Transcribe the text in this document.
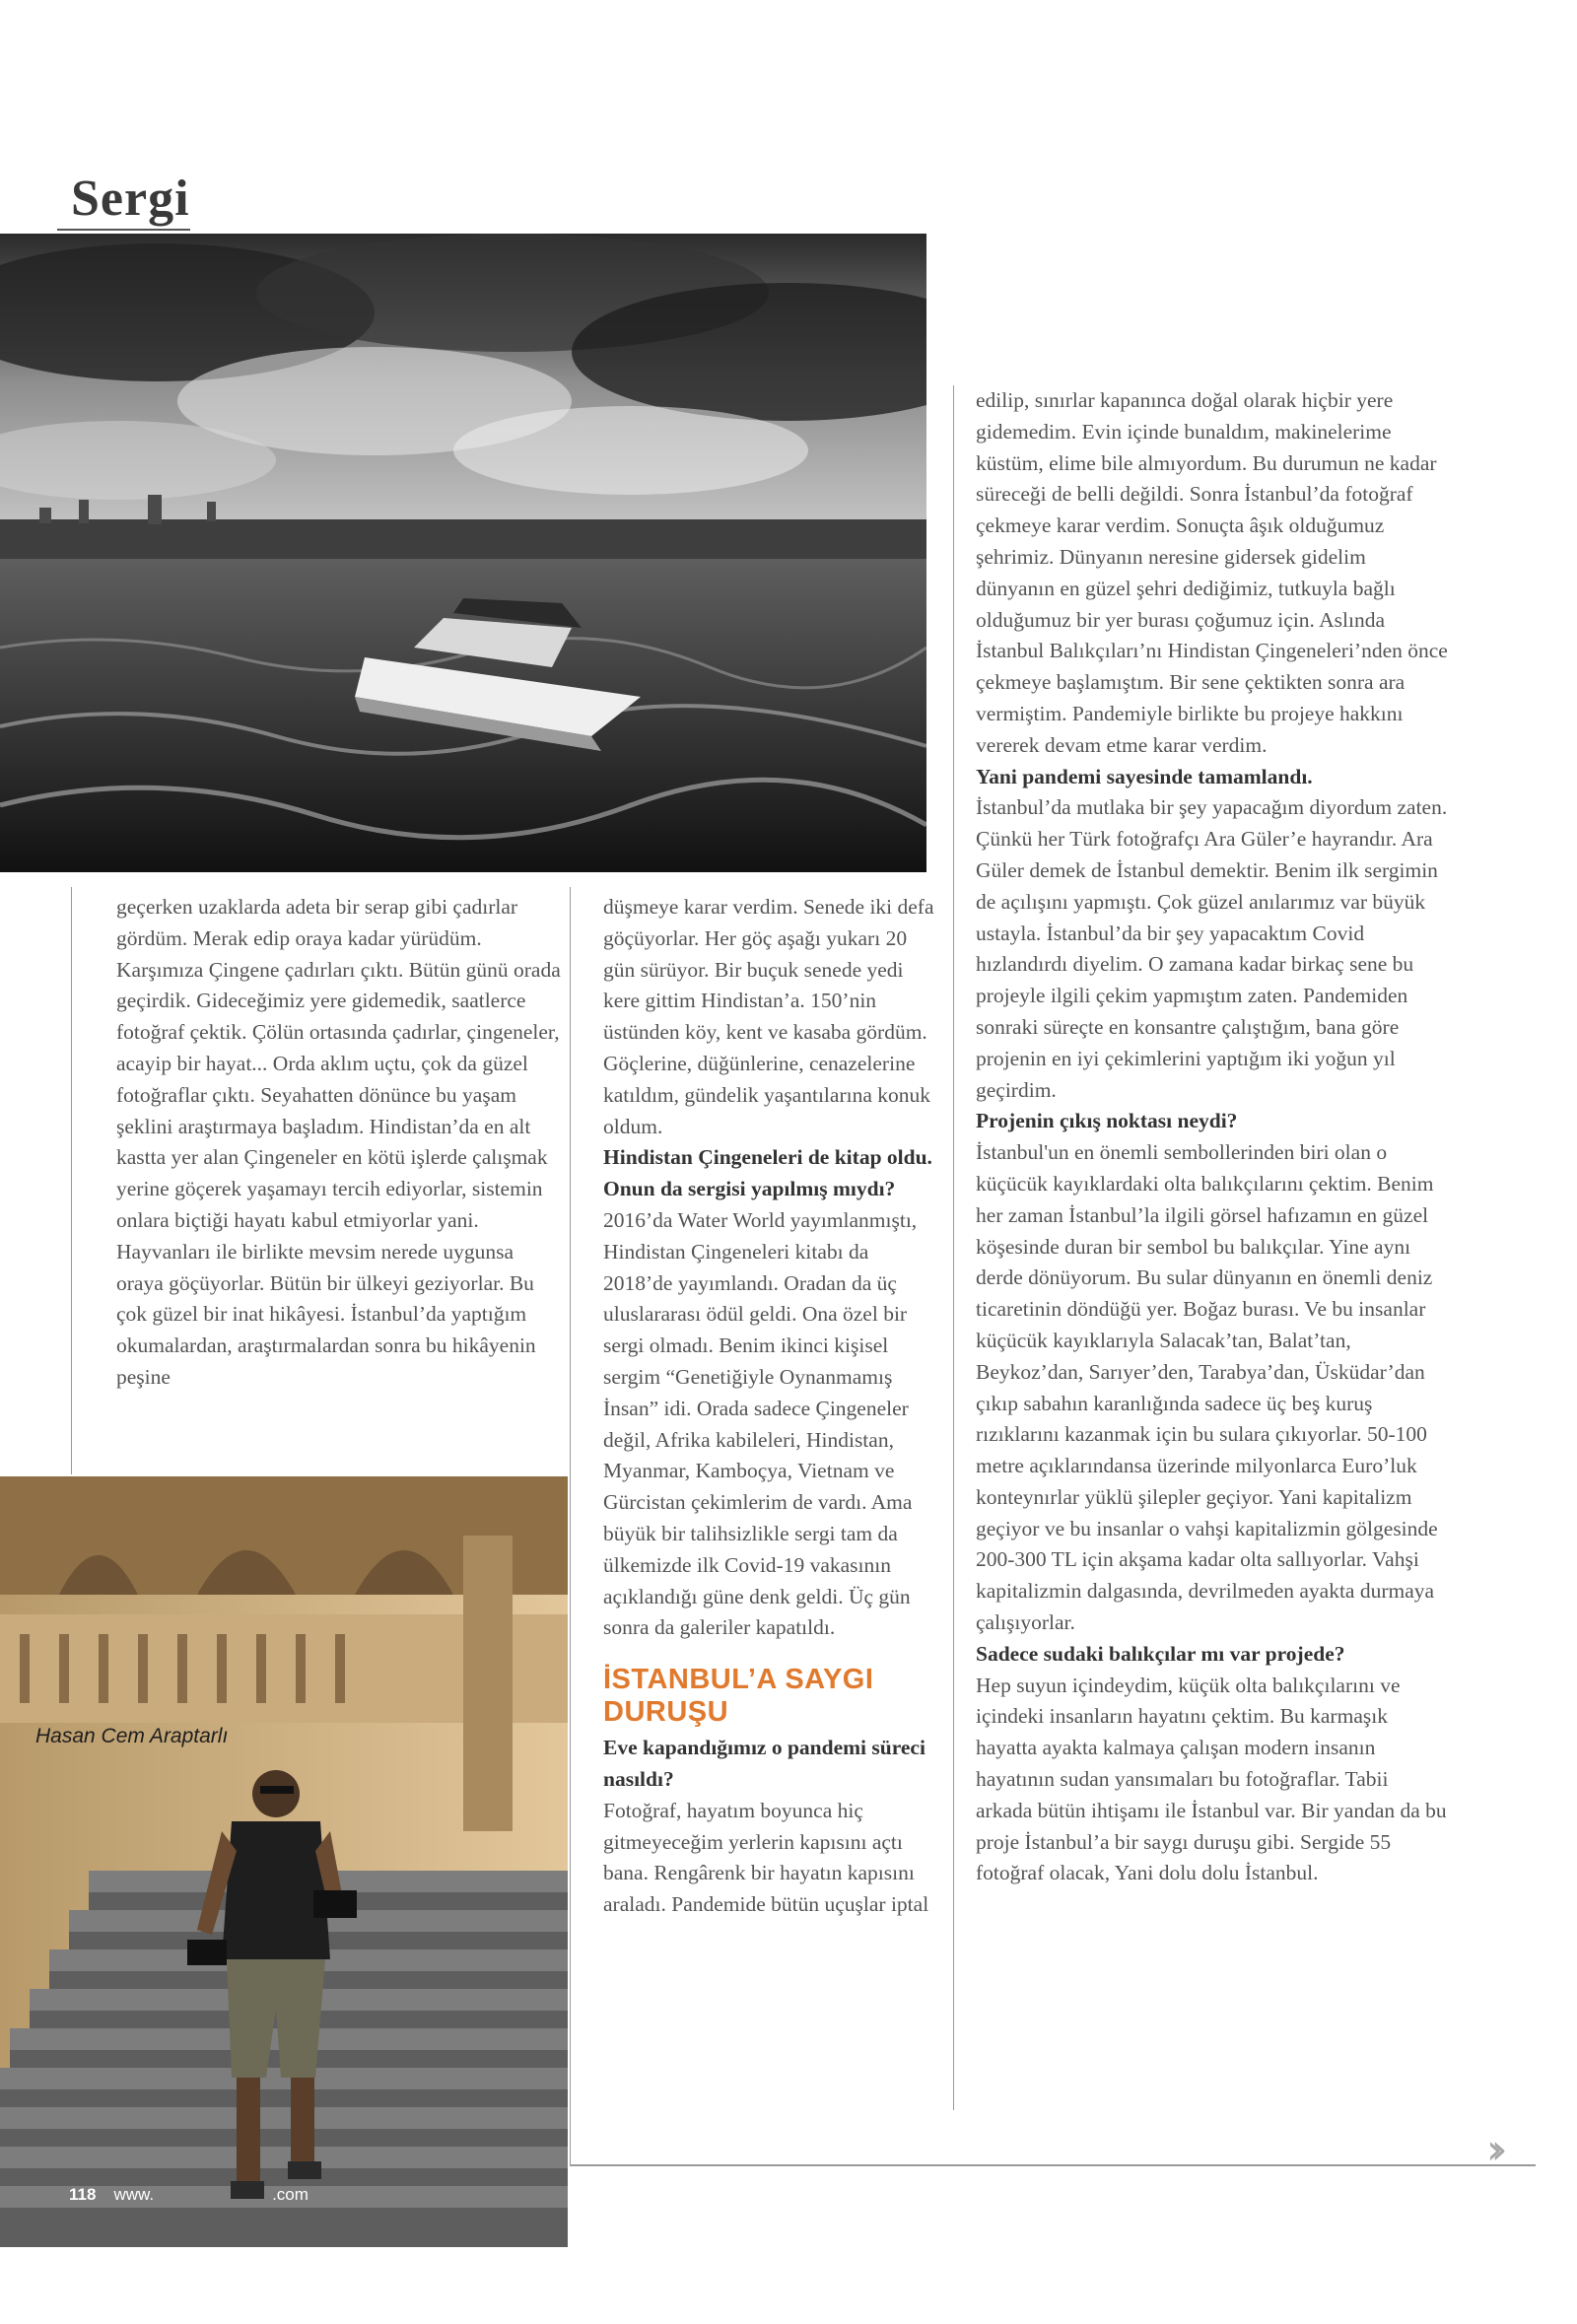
Sergi

geçerken uzaklarda adeta bir serap gibi çadırlar gördüm. Merak edip oraya kadar yürüdüm. Karşımıza Çingene çadırları çıktı. Bütün günü orada geçirdik. Gideceğimiz yere gidemedik, saatlerce fotoğraf çektik. Çölün ortasında çadırlar, çingeneler, acayip bir hayat... Orda aklım uçtu, çok da güzel fotoğraflar çıktı. Seyahatten dönünce bu yaşam şeklini araştırmaya başladım. Hindistan’da en alt kastta yer alan Çingeneler en kötü işlerde çalışmak yerine göçerek yaşamayı tercih ediyorlar, sistemin onlara biçtiği hayatı kabul etmiyorlar yani. Hayvanları ile birlikte mevsim nerede uygunsa oraya göçüyorlar. Bütün bir ülkeyi geziyorlar. Bu çok güzel bir inat hikâyesi. İstanbul’da yaptığım okumalardan, araştırmalardan sonra bu hikâyenin peşine

düşmeye karar verdim. Senede iki defa göçüyorlar. Her göç aşağı yukarı 20 gün sürüyor. Bir buçuk senede yedi kere gittim Hindistan’a. 150’nin üstünden köy, kent ve kasaba gördüm. Göçlerine, düğünlerine, cenazelerine katıldım, gündelik yaşantılarına konuk oldum.

Hindistan Çingeneleri de kitap oldu. Onun da sergisi yapılmış mıydı?

2016’da Water World yayımlanmıştı, Hindistan Çingeneleri kitabı da 2018’de yayımlandı. Oradan da üç uluslararası ödül geldi. Ona özel bir sergi olmadı. Benim ikinci kişisel sergim “Genetiğiyle Oynanmamış İnsan” idi. Orada sadece Çingeneler değil, Afrika kabileleri, Hindistan, Myanmar, Kamboçya, Vietnam ve Gürcistan çekimlerim de vardı. Ama büyük bir talihsizlikle sergi tam da ülkemizde ilk Covid-19 vakasının açıklandığı güne denk geldi. Üç gün sonra da galeriler kapatıldı.

İSTANBUL’A SAYGI DURUŞU

Eve kapandığımız o pandemi süreci nasıldı?

Fotoğraf, hayatım boyunca hiç gitmeyeceğim yerlerin kapısını açtı bana. Rengârenk bir hayatın kapısını araladı. Pandemide bütün uçuşlar iptal

edilip, sınırlar kapanınca doğal olarak hiçbir yere gidemedim. Evin içinde bunaldım, makinelerime küstüm, elime bile almıyordum. Bu durumun ne kadar süreceği de belli değildi. Sonra İstanbul’da fotoğraf çekmeye karar verdim. Sonuçta âşık olduğumuz şehrimiz. Dünyanın neresine gidersek gidelim dünyanın en güzel şehri dediğimiz, tutkuyla bağlı olduğumuz bir yer burası çoğumuz için. Aslında İstanbul Balıkçıları’nı Hindistan Çingeneleri’nden önce çekmeye başlamıştım. Bir sene çektikten sonra ara vermiştim. Pandemiyle birlikte bu projeye hakkını vererek devam etme karar verdim.

Yani pandemi sayesinde tamamlandı.

İstanbul’da mutlaka bir şey yapacağım diyordum zaten. Çünkü her Türk fotoğrafçı Ara Güler’e hayrandır. Ara Güler demek de İstanbul demektir. Benim ilk sergimin de açılışını yapmıştı. Çok güzel anılarımız var büyük ustayla. İstanbul’da bir şey yapacaktım Covid hızlandırdı diyelim. O zamana kadar birkaç sene bu projeyle ilgili çekim yapmıştım zaten. Pandemiden sonraki süreçte en konsantre çalıştığım, bana göre projenin en iyi çekimlerini yaptığım iki yoğun yıl geçirdim.

Projenin çıkış noktası neydi?

İstanbul'un en önemli sembollerinden biri olan o küçücük kayıklardaki olta balıkçılarını çektim. Benim her zaman İstanbul’la ilgili görsel hafızamın en güzel köşesinde duran bir sembol bu balıkçılar. Yine aynı derde dönüyorum. Bu sular dünyanın en önemli deniz ticaretinin döndüğü yer. Boğaz burası. Ve bu insanlar küçücük kayıklarıyla Salacak’tan, Balat’tan, Beykoz’dan, Sarıyer’den, Tarabya’dan, Üsküdar’dan çıkıp sabahın karanlığında sadece üç beş kuruş rızıklarını kazanmak için bu sulara çıkıyorlar. 50-100 metre açıklarındansa üzerinde milyonlarca Euro’luk konteynırlar yüklü şilepler geçiyor. Yani kapitalizm geçiyor ve bu insanlar o vahşi kapitalizmin gölgesinde 200-300 TL için akşama kadar olta sallıyorlar. Vahşi kapitalizmin dalgasında, devrilmeden ayakta durmaya çalışıyorlar.

Sadece sudaki balıkçılar mı var projede?

Hep suyun içindeydim, küçük olta balıkçılarını ve içindeki insanların hayatını çektim. Bu karmaşık hayatta ayakta kalmaya çalışan modern insanın hayatının sudan yansımaları bu fotoğraflar. Tabii arkada bütün ihtişamı ile İstanbul var. Bir yandan da bu proje İstanbul’a bir saygı duruşu gibi. Sergide 55 fotoğraf olacak, Yani dolu dolu İstanbul.

Hasan Cem Araptarlı
118 www.	.com
››
